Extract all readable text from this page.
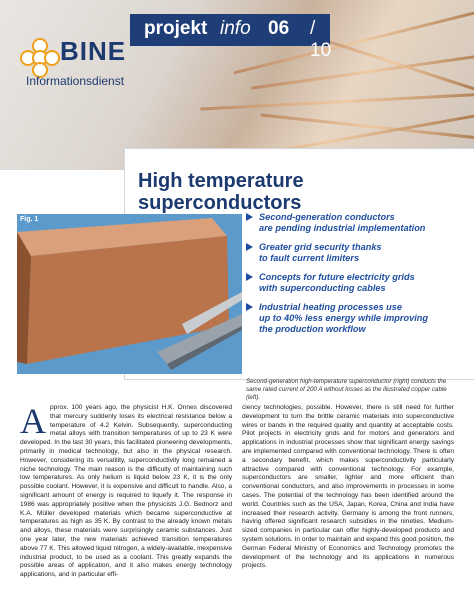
BINE
Informationsdienst
projekt info 06 / 10
High temperature
superconductors
Fig. 1	Second-generation conductors
are pending industrial implementation
Greater grid security thanks
to fault current limiters
Concepts for future electricity grids
with superconducting cables
Industrial heating processes use
up to 40% less energy while improving
the production workflow
Second-generation high-temperature superconductor (right) conducts the same rated current of 200 A without losses as the illustrated copper cable (left).
A pprox. 100 years ago, the physicist H.K. Onnes discovered that mercury suddenly loses its electrical resistance below a temperature of 4.2 Kelvin. Subsequently, superconducting metal alloys with transition temperatures of up to 23 K were developed. In the last 30 years, this facilitated pioneering developments, primarily in medical technology, but also in the physical research. However, considering its versatility, superconductivity long remained a niche technology. The main reason is the difficulty of maintaining such low temperatures. As only helium is liquid below 23 K, it is the only possible coolant. However, it is expensive and difficult to handle. Also, a significant amount of energy is required to liquefy it. The response in 1986 was appropriately positive when the physicists J.G. Bednorz and K.A. Müller developed materials which became superconductive at temperatures as high as 35 K. By contrast to the already known metals and alloys, these materials were surprisingly ceramic substances. Just one year later, the new materials achieved transition temperatures above 77 K. This allowed liquid nitrogen, a widely-available, inexpensive industrial product, to be used as a coolant. This greatly expands the possible areas of application, and it also makes energy technology applications, and in particular effi-

ciency technologies, possible. However, there is still need for further development to turn the brittle ceramic materials into superconductive wires or bands in the required quality and quantity at acceptable costs. Pilot projects in electricity grids and for motors and generators and applications in industrial processes show that significant energy savings are implemented compared with conventional technology. There is often a secondary benefit, which makes superconductivity particularly attractive compared with conventional technology. For example, superconductors are smaller, lighter and more efficient than conventional conductors, and also improvements in processes in some cases. The potential of the technology has been identified around the world. Countries such as the USA, Japan, Korea, China and India have increased their research activity. Germany is among the front runners, having offered significant research subsidies in the nineties. Medium-sized companies in particular can offer highly-developed products and system solutions. In order to maintain and expand this good position, the German Federal Ministry of Economics and Technology promotes the development of the technology and its applications in numerous projects.
